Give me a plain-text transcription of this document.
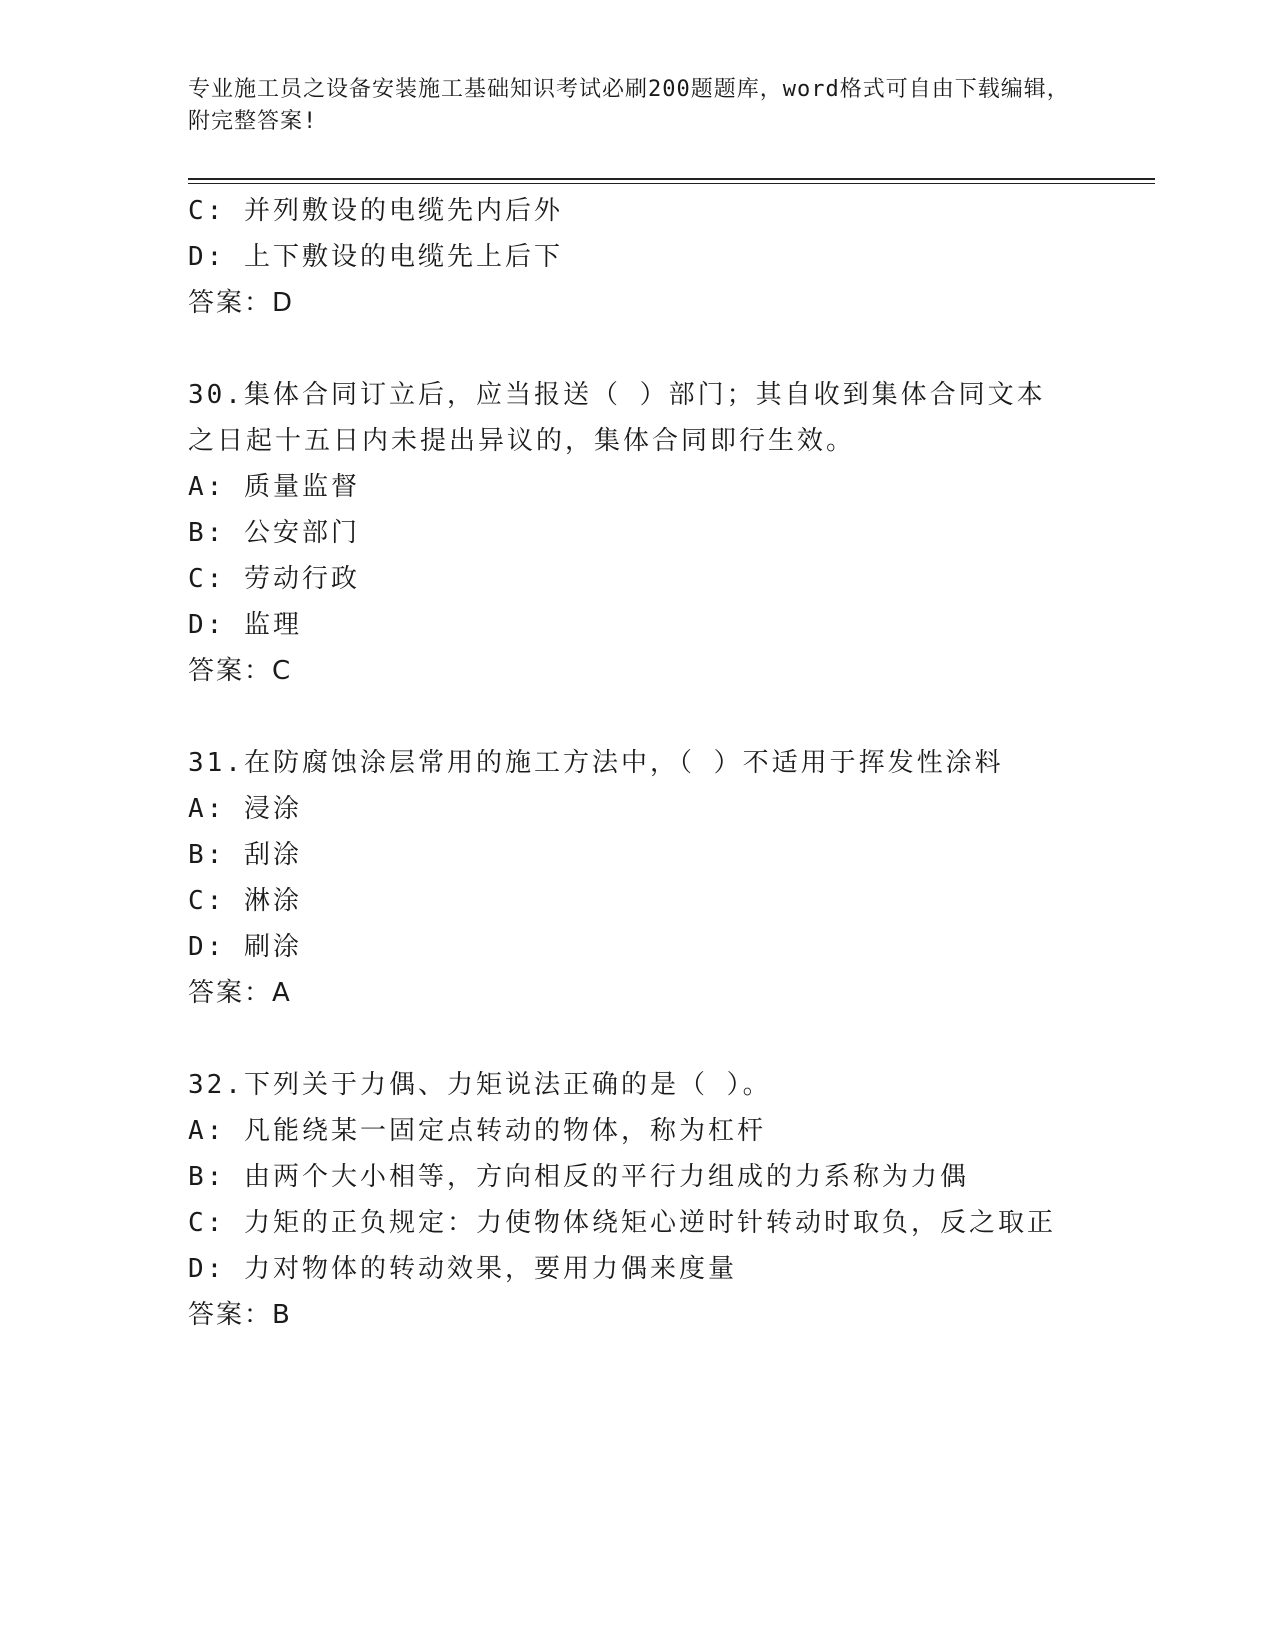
专业施工员之设备安装施工基础知识考试必刷200题题库，word格式可自由下载编辑，附完整答案!

C: 并列敷设的电缆先内后外

D: 上下敷设的电缆先上后下

答案：D

30.集体合同订立后，应当报送（ ）部门；其自收到集体合同文本之日起十五日内未提出异议的，集体合同即行生效。

A: 质量监督

B: 公安部门

C: 劳动行政

D: 监理

答案：C

31.在防腐蚀涂层常用的施工方法中，（ ）不适用于挥发性涂料

A: 浸涂

B: 刮涂

C: 淋涂

D: 刷涂

答案：A

32.下列关于力偶、力矩说法正确的是（ ）。

A: 凡能绕某一固定点转动的物体，称为杠杆

B: 由两个大小相等，方向相反的平行力组成的力系称为力偶

C: 力矩的正负规定：力使物体绕矩心逆时针转动时取负，反之取正

D: 力对物体的转动效果，要用力偶来度量

答案：B
